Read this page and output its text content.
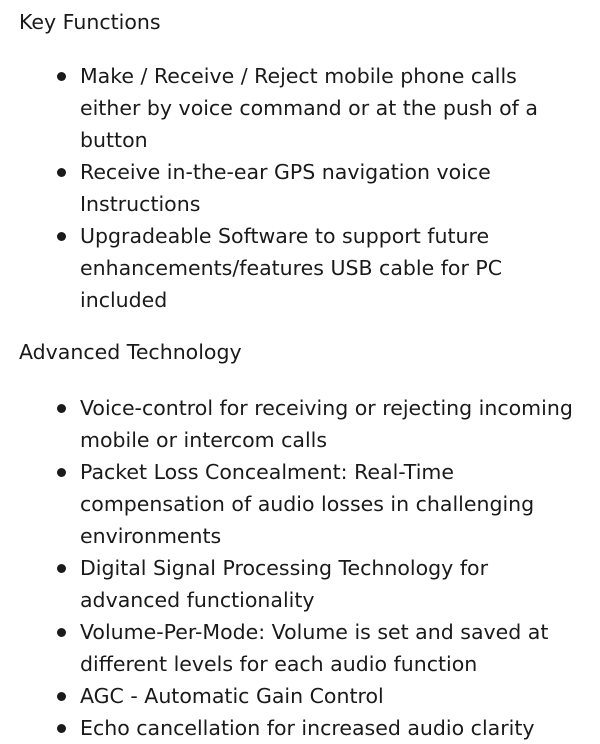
Key Functions
Make / Receive / Reject mobile phone calls either by voice command or at the push of a button
Receive in-the-ear GPS navigation voice Instructions
Upgradeable Software to support future enhancements/features USB cable for PC included
Advanced Technology
Voice-control for receiving or rejecting incoming mobile or intercom calls
Packet Loss Concealment: Real-Time compensation of audio losses in challenging environments
Digital Signal Processing Technology for advanced functionality
Volume-Per-Mode: Volume is set and saved at different levels for each audio function
AGC - Automatic Gain Control
Echo cancellation for increased audio clarity
